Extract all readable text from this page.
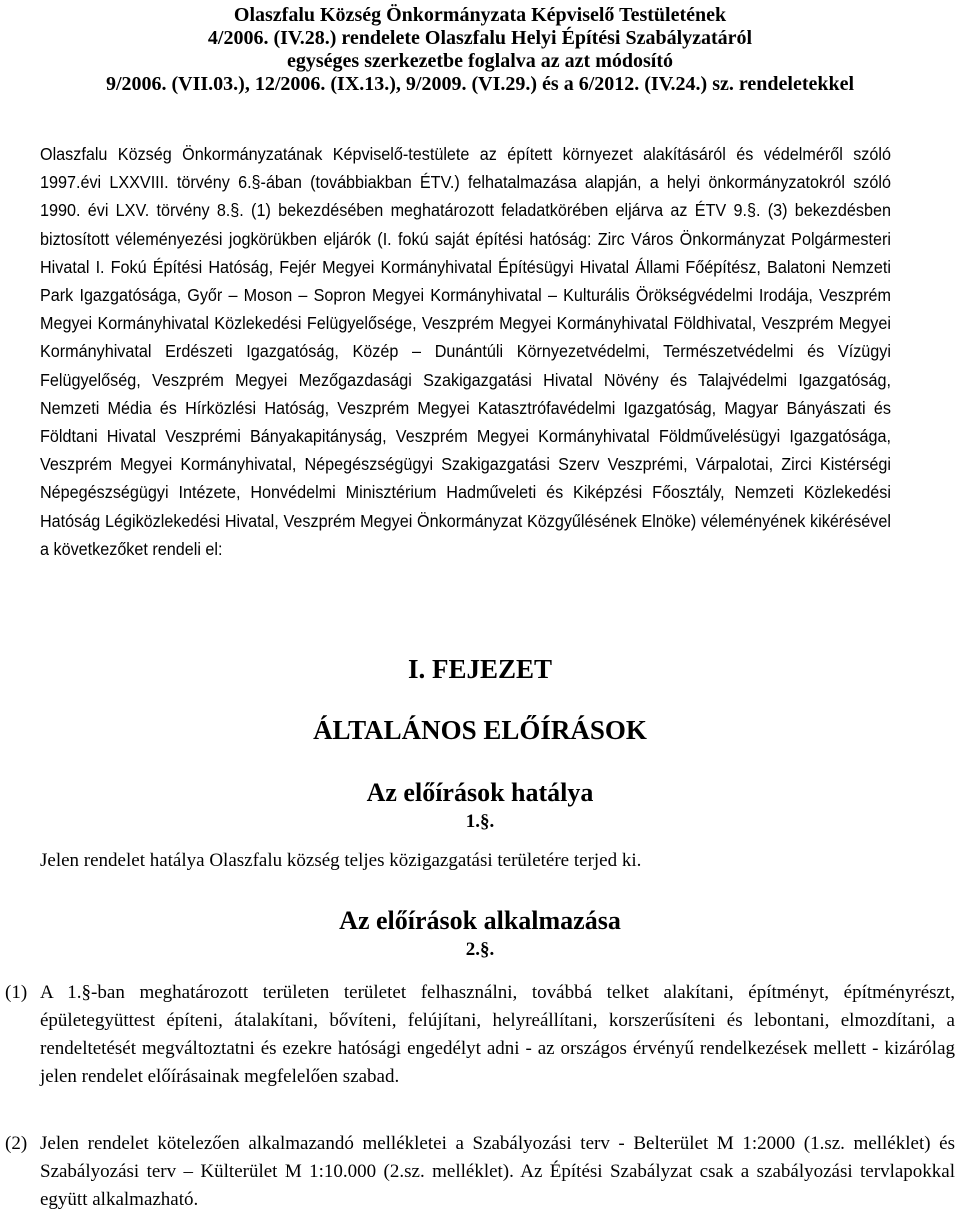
Olaszfalu Község Önkormányzata Képviselő Testületének
4/2006. (IV.28.) rendelete Olaszfalu Helyi Építési Szabályzatáról
egységes szerkezetbe foglalva az azt módosító
9/2006. (VII.03.), 12/2006. (IX.13.), 9/2009. (VI.29.) és a 6/2012. (IV.24.) sz. rendeletekkel

Olaszfalu Község Önkormányzatának Képviselő-testülete az épített környezet alakításáról és védelméről szóló 1997.évi LXXVIII. törvény 6.§-ában (továbbiakban ÉTV.) felhatalmazása alapján, a helyi önkormányzatokról szóló 1990. évi LXV. törvény 8.§. (1) bekezdésében meghatározott feladatkörében eljárva az ÉTV 9.§. (3) bekezdésben biztosított véleményezési jogkörükben eljárók (I. fokú saját építési hatóság: Zirc Város Önkormányzat Polgármesteri Hivatal I. Fokú Építési Hatóság, Fejér Megyei Kormányhivatal Építésügyi Hivatal Állami Főépítész, Balatoni Nemzeti Park Igazgatósága, Győr – Moson – Sopron Megyei Kormányhivatal – Kulturális Örökségvédelmi Irodája, Veszprém Megyei Kormányhivatal Közlekedési Felügyelősége, Veszprém Megyei Kormányhivatal Földhivatal, Veszprém Megyei Kormányhivatal Erdészeti Igazgatóság, Közép – Dunántúli Környezetvédelmi, Természetvédelmi és Vízügyi Felügyelőség, Veszprém Megyei Mezőgazdasági Szakigazgatási Hivatal Növény és Talajvédelmi Igazgatóság, Nemzeti Média és Hírközlési Hatóság, Veszprém Megyei Katasztrófavédelmi Igazgatóság, Magyar Bányászati és Földtani Hivatal Veszprémi Bányakapitányság, Veszprém Megyei Kormányhivatal Földművelésügyi Igazgatósága, Veszprém Megyei Kormányhivatal, Népegészségügyi Szakigazgatási Szerv Veszprémi, Várpalotai, Zirci Kistérségi Népegészségügyi Intézete, Honvédelmi Minisztérium Hadműveleti és Kiképzési Főosztály, Nemzeti Közlekedési Hatóság Légiközlekedési Hivatal, Veszprém Megyei Önkormányzat Közgyűlésének Elnöke) véleményének kikérésével a következőket rendeli el:

I. FEJEZET
ÁLTALÁNOS ELŐÍRÁSOK
Az előírások hatálya
1.§.

Jelen rendelet hatálya Olaszfalu község teljes közigazgatási területére terjed ki.

Az előírások alkalmazása
2.§.
(1) A 1.§-ban meghatározott területen területet felhasználni, továbbá telket alakítani, építményt, építményrészt, épületegyüttest építeni, átalakítani, bővíteni, felújítani, helyreállítani, korszerűsíteni és lebontani, elmozdítani, a rendeltetését megváltoztatni és ezekre hatósági engedélyt adni - az országos érvényű rendelkezések mellett - kizárólag jelen rendelet előírásainak megfelelően szabad.

(2) Jelen rendelet kötelezően alkalmazandó mellékletei a Szabályozási terv - Belterület M 1:2000 (1.sz. melléklet) és Szabályozási terv – Külterület M 1:10.000 (2.sz. melléklet). Az Építési Szabályzat csak a szabályozási tervlapokkal együtt alkalmazható.
